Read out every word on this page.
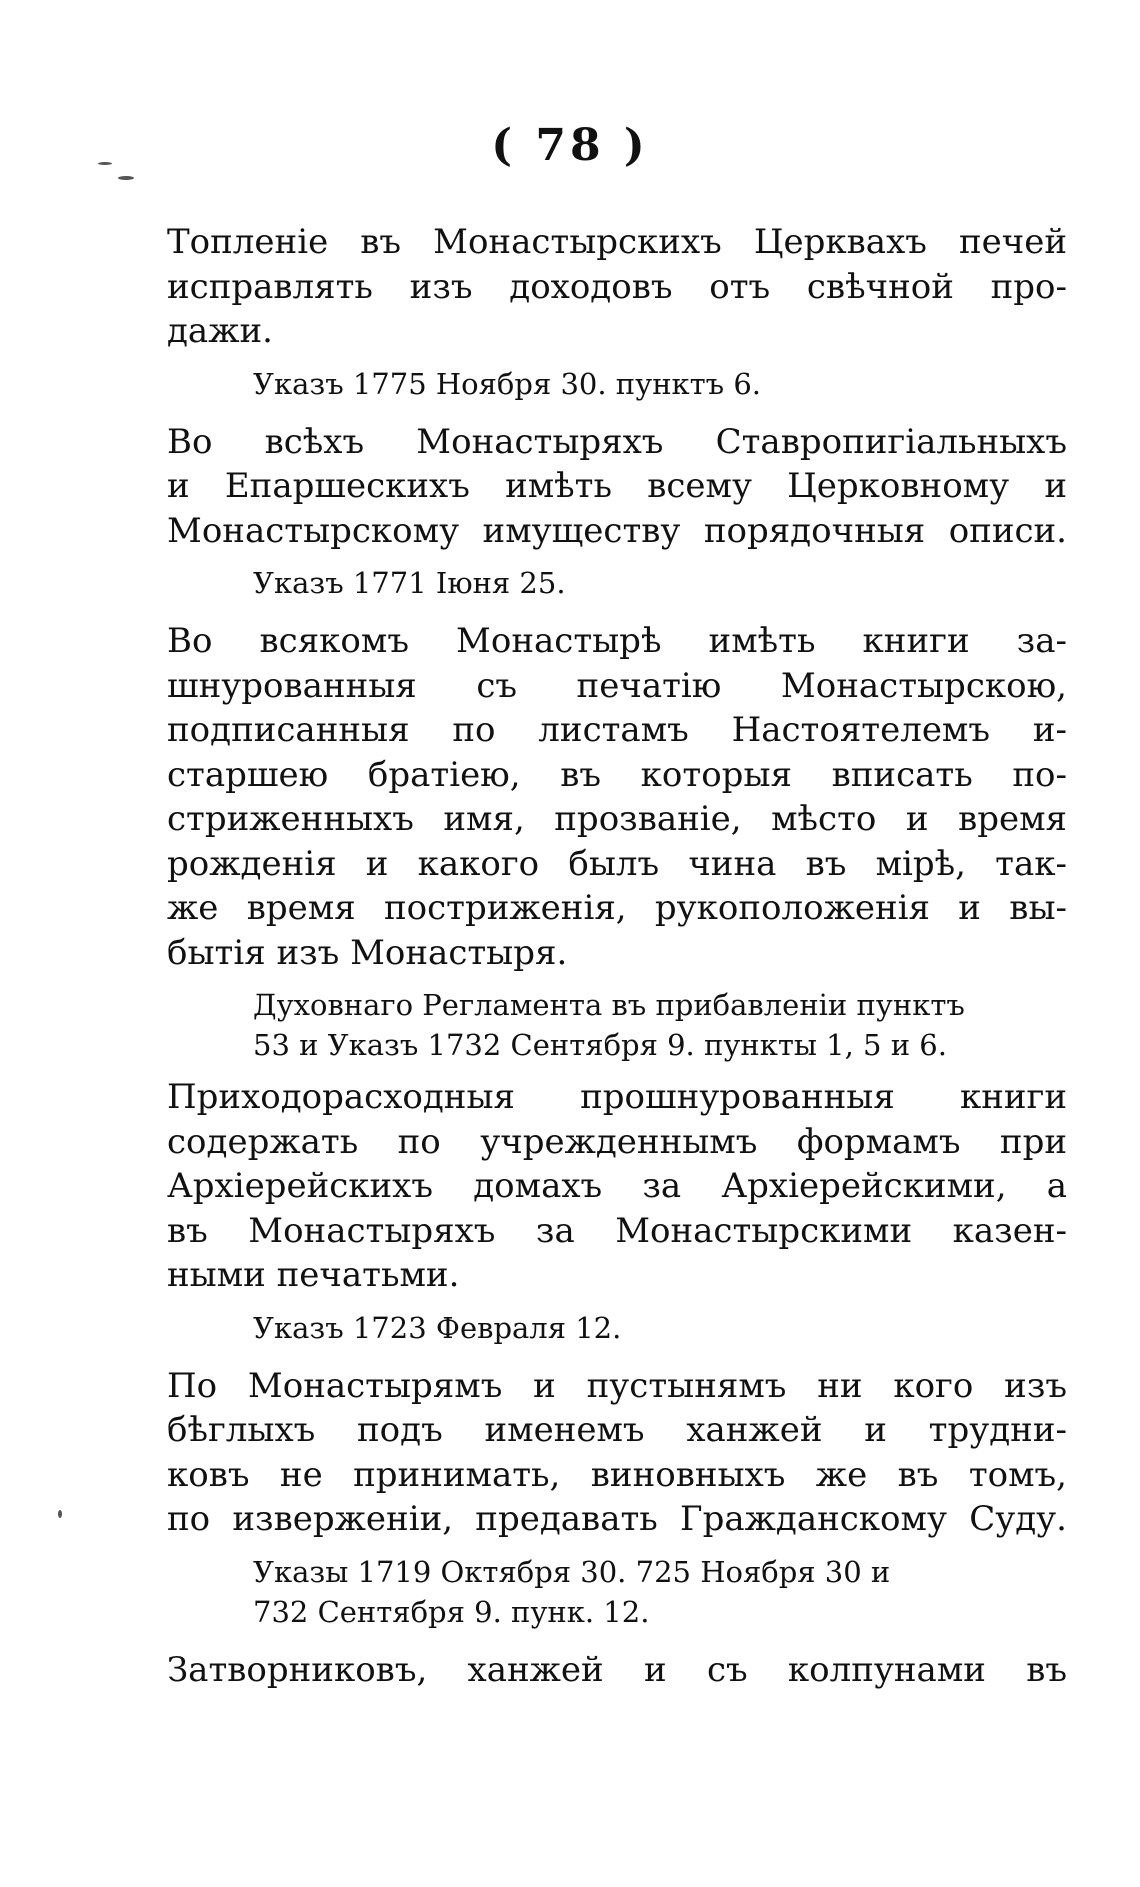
( 78 )

Топленіе въ Монастырскихъ Церквахъ печей
исправлять изъ доходовъ отъ свѣчной про-
дажи.

Указъ 1775 Ноября 30. пунктъ 6.

Во всѣхъ Монастыряхъ Ставропигіальныхъ
и Епаршескихъ имѣть всему Церковному и
Монастырскому имуществу порядочныя описи.

Указъ 1771 Іюня 25.

Во всякомъ Монастырѣ имѣть книги за-
шнурованныя съ печатію Монастырскою,
подписанныя по листамъ Настоятелемъ и-
старшею братіею, въ которыя вписать по-
стриженныхъ имя, прозваніе, мѣсто и время
рожденія и какого былъ чина въ мірѣ, так-
же время постриженія, рукоположенія и вы-
бытія изъ Монастыря.

Духовнаго Регламента въ прибавленіи пунктъ
53 и Указъ 1732 Сентября 9. пункты 1, 5 и 6.

Приходорасходныя прошнурованныя книги
содержать по учрежденнымъ формамъ при
Архіерейскихъ домахъ за Архіерейскими, а
въ Монастыряхъ за Монастырскими казен-
ными печатьми.

Указъ 1723 Февраля 12.

По Монастырямъ и пустынямъ ни кого изъ
бѣглыхъ подъ именемъ ханжей и трудни-
ковъ не принимать, виновныхъ же въ томъ,
по изверженіи, предавать Гражданскому Суду.

Указы 1719 Октября 30. 725 Ноября 30 и
732 Сентября 9. пунк. 12.

Затворниковъ, ханжей и съ колпунами въ
